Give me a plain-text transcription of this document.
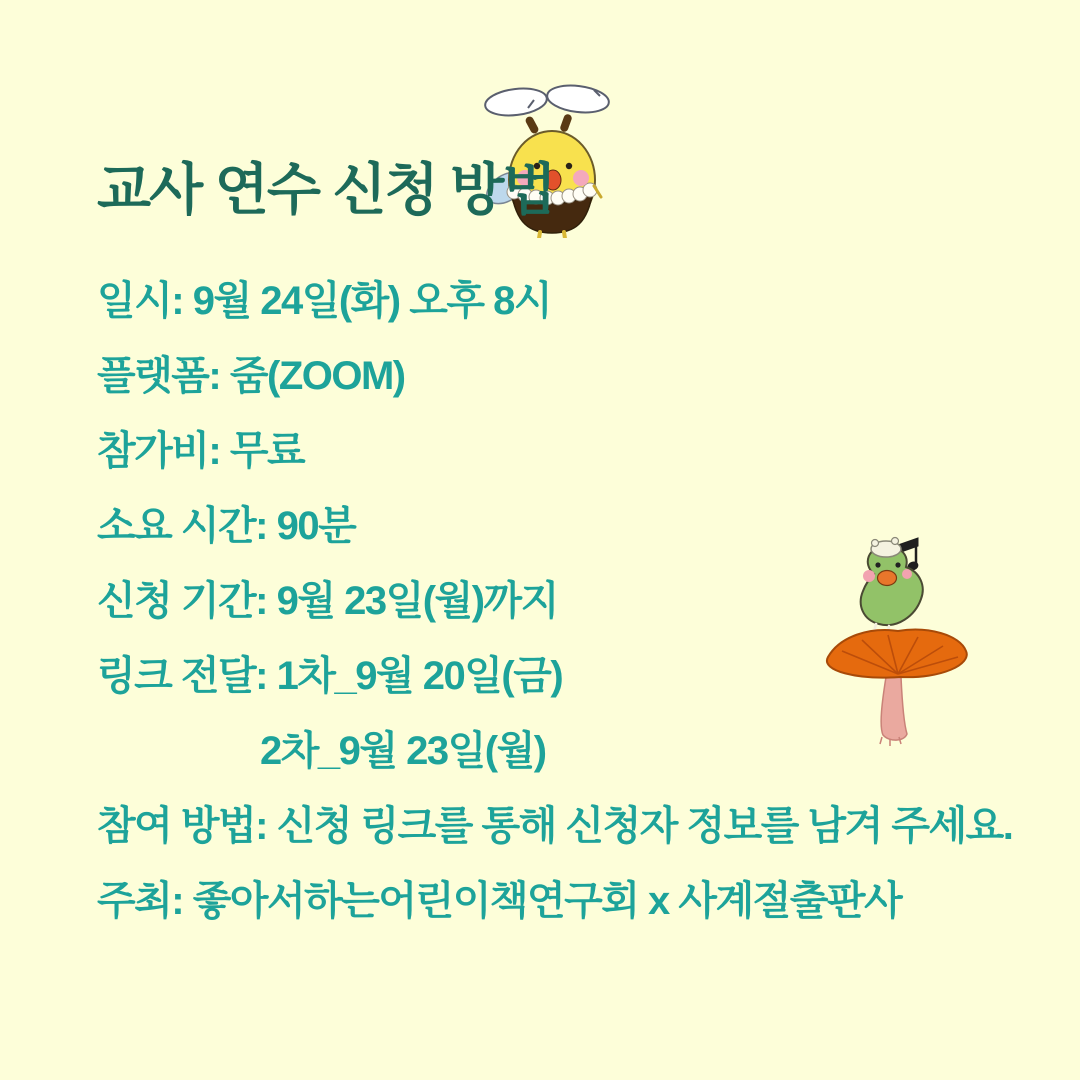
교사 연수 신청 방법
일시: 9월 24일(화) 오후 8시
플랫폼: 줌(ZOOM)
참가비: 무료
소요 시간: 90분
신청 기간: 9월 23일(월)까지
링크 전달: 1차_9월 20일(금)
2차_9월 23일(월)
참여 방법: 신청 링크를 통해 신청자 정보를 남겨 주세요.
주최: 좋아서하는어린이책연구회 x 사계절출판사
